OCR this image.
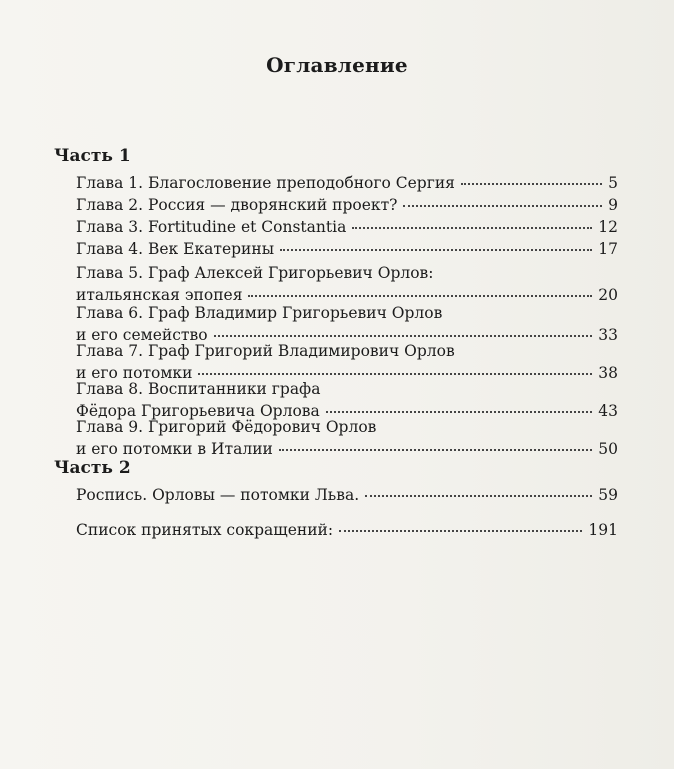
Оглавление
Часть 1
Глава 1. Благословение преподобного Сергия	5
Глава 2. Россия — дворянский проект?	9
Глава 3. Fortitudine et Constantia	12
Глава 4. Век Екатерины	17
Глава 5. Граф Алексей Григорьевич Орлов:
итальянская эпопея	20
Глава 6. Граф Владимир Григорьевич Орлов
и его семейство	33
Глава 7. Граф Григорий Владимирович Орлов
и его потомки	38
Глава 8. Воспитанники графа
Фёдора Григорьевича Орлова	43
Глава 9. Григорий Фёдорович Орлов
и его потомки в Италии	50
Часть 2
Роспись. Орловы — потомки Льва.	59
Список принятых сокращений:	191
